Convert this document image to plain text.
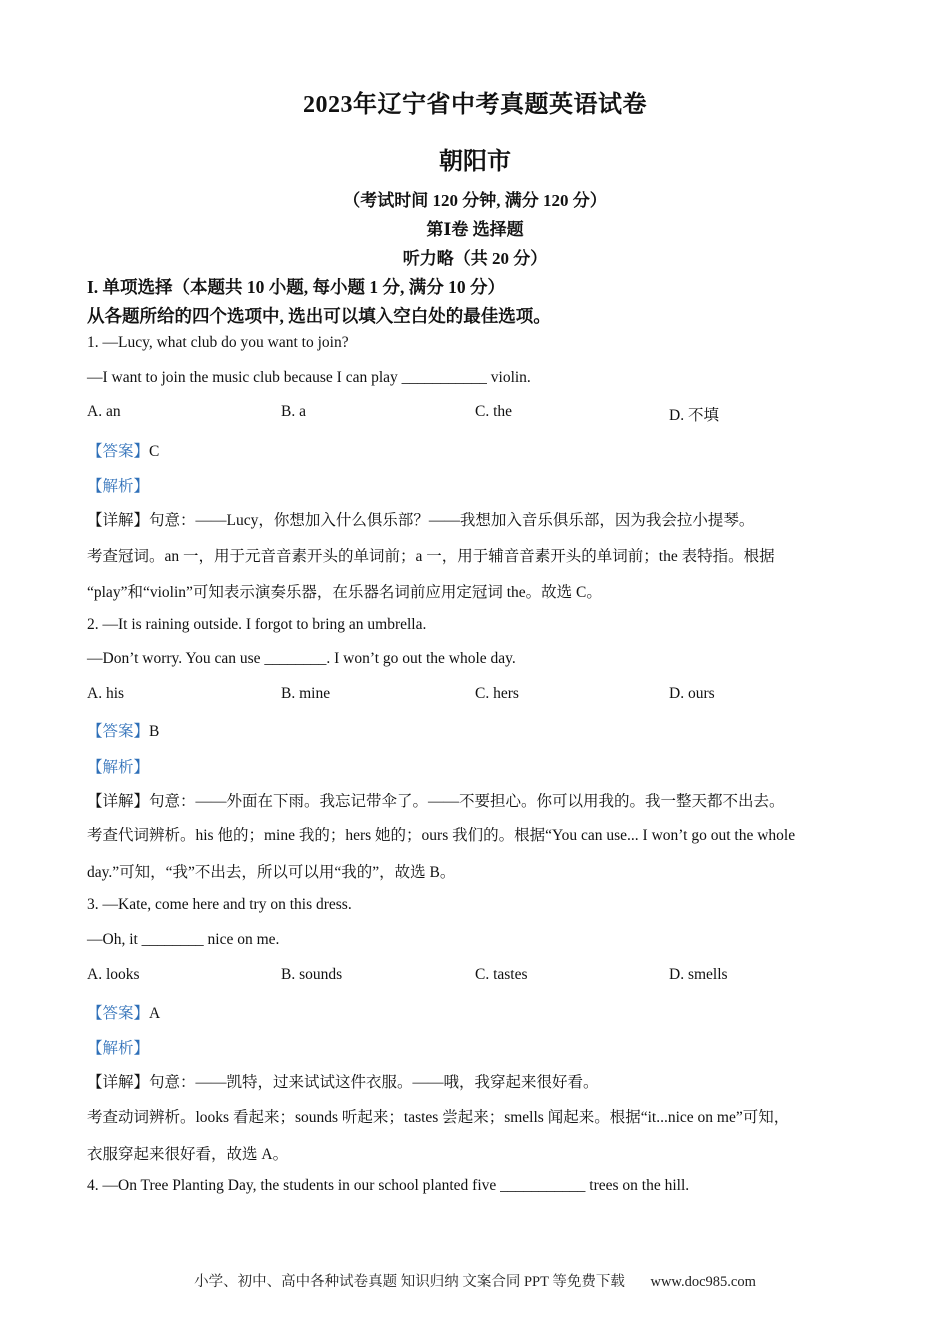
2023年辽宁省中考真题英语试卷
朝阳市
（考试时间 120 分钟, 满分 120 分）
第Ⅰ卷 选择题
听力略（共 20 分）
I. 单项选择（本题共 10 小题, 每小题 1 分, 满分 10 分）
从各题所给的四个选项中, 选出可以填入空白处的最佳选项。
1. —Lucy, what club do you want to join?
—I want to join the music club because I can play ___________ violin.
A. an	B. a	C. the	D. 不填
【答案】C
【解析】
【详解】句意：——Lucy，你想加入什么俱乐部？——我想加入音乐俱乐部，因为我会拉小提琴。
考查冠词。an 一，用于元音音素开头的单词前；a 一，用于辅音音素开头的单词前；the 表特指。根据
“play”和“violin”可知表示演奏乐器，在乐器名词前应用定冠词 the。故选 C。
2. —It is raining outside. I forgot to bring an umbrella.
—Don’t worry. You can use ________. I won’t go out the whole day.
A. his	B. mine	C. hers	D. ours
【答案】B
【解析】
【详解】句意：——外面在下雨。我忘记带伞了。——不要担心。你可以用我的。我一整天都不出去。
考查代词辨析。his 他的；mine 我的；hers 她的；ours 我们的。根据“You can use... I won’t go out the whole
day.”可知，“我”不出去，所以可以用“我的”，故选 B。
3. —Kate, come here and try on this dress.
—Oh, it ________ nice on me.
A. looks	B. sounds	C. tastes	D. smells
【答案】A
【解析】
【详解】句意：——凯特，过来试试这件衣服。——哦，我穿起来很好看。
考查动词辨析。looks 看起来；sounds 听起来；tastes 尝起来；smells 闻起来。根据“it...nice on me”可知，
衣服穿起来很好看，故选 A。
4. —On Tree Planting Day, the students in our school planted five ___________ trees on the hill.
小学、初中、高中各种试卷真题 知识归纳 文案合同 PPT 等免费下载 www.doc985.com
